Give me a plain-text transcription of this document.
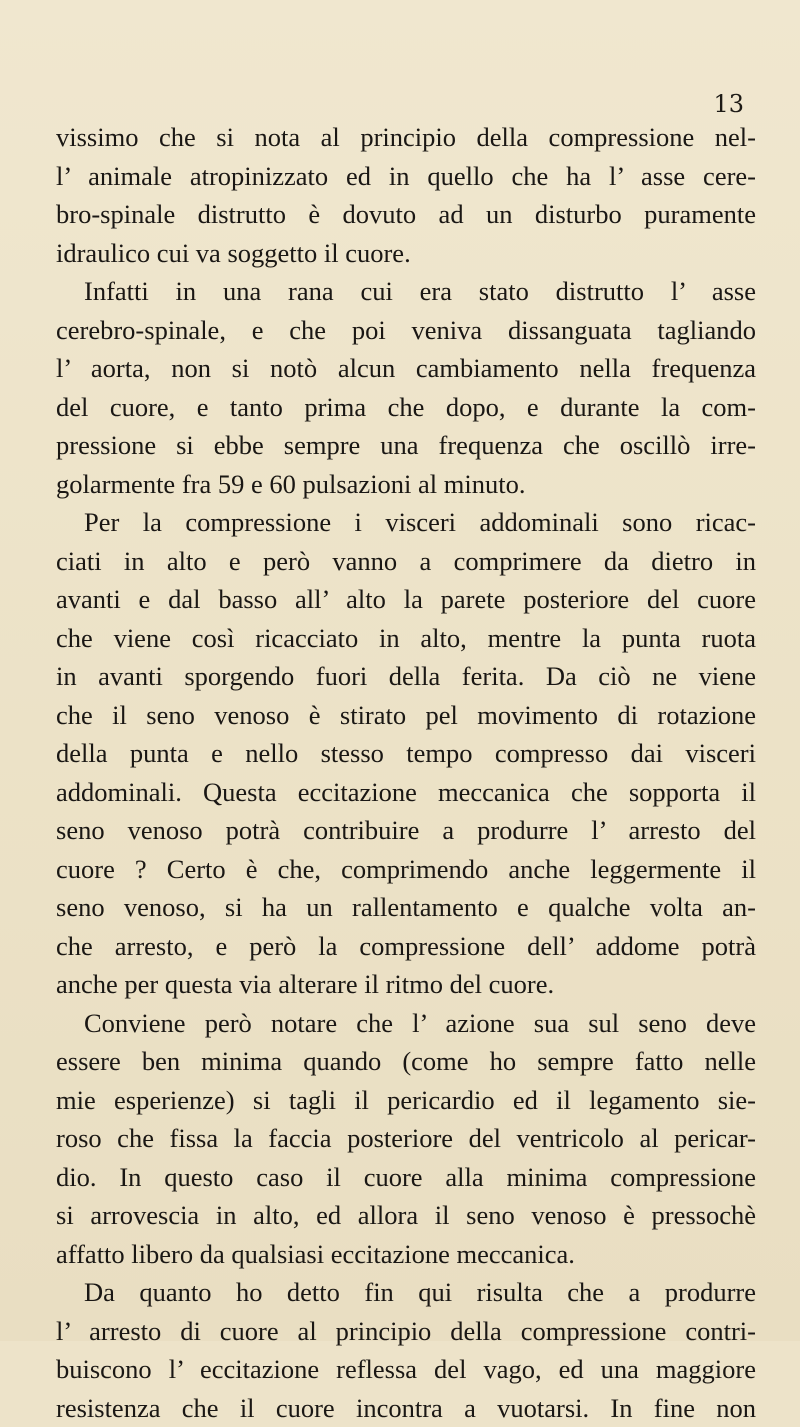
13
vissimo che si nota al principio della compressione nel-
l’ animale atropinizzato ed in quello che ha l’ asse cere-
bro-spinale distrutto è dovuto ad un disturbo puramente
idraulico cui va soggetto il cuore.
Infatti in una rana cui era stato distrutto l’ asse
cerebro-spinale, e che poi veniva dissanguata tagliando
l’ aorta, non si notò alcun cambiamento nella frequenza
del cuore, e tanto prima che dopo, e durante la com-
pressione si ebbe sempre una frequenza che oscillò irre-
golarmente fra 59 e 60 pulsazioni al minuto.
Per la compressione i visceri addominali sono ricac-
ciati in alto e però vanno a comprimere da dietro in
avanti e dal basso all’ alto la parete posteriore del cuore
che viene così ricacciato in alto, mentre la punta ruota
in avanti sporgendo fuori della ferita. Da ciò ne viene
che il seno venoso è stirato pel movimento di rotazione
della punta e nello stesso tempo compresso dai visceri
addominali. Questa eccitazione meccanica che sopporta il
seno venoso potrà contribuire a produrre l’ arresto del
cuore ? Certo è che, comprimendo anche leggermente il
seno venoso, si ha un rallentamento e qualche volta an-
che arresto, e però la compressione dell’ addome potrà
anche per questa via alterare il ritmo del cuore.
Conviene però notare che l’ azione sua sul seno deve
essere ben minima quando (come ho sempre fatto nelle
mie esperienze) si tagli il pericardio ed il legamento sie-
roso che fissa la faccia posteriore del ventricolo al pericar-
dio. In questo caso il cuore alla minima compressione
si arrovescia in alto, ed allora il seno venoso è pressochè
affatto libero da qualsiasi eccitazione meccanica.
Da quanto ho detto fin qui risulta che a produrre
l’ arresto di cuore al principio della compressione contri-
buiscono l’ eccitazione reflessa del vago, ed una maggiore
resistenza che il cuore incontra a vuotarsi. In fine non
